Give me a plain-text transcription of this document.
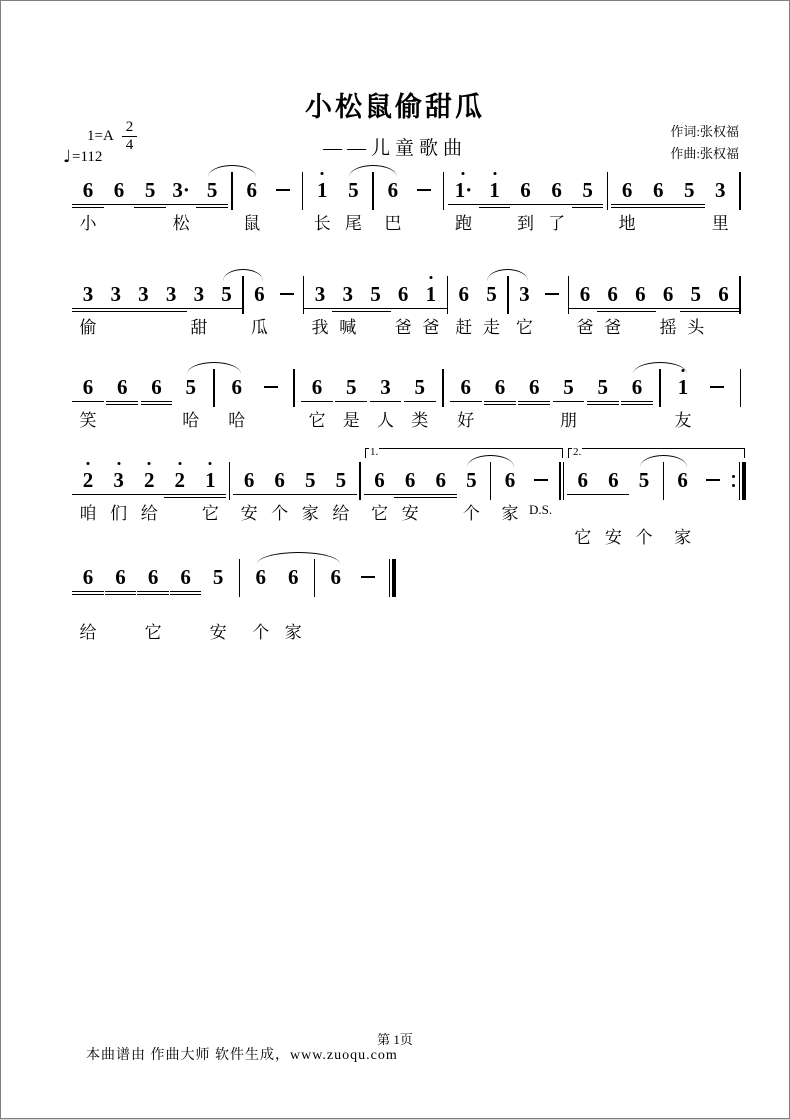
小松鼠偷甜瓜
——儿童歌曲
$1=A \frac{2}{4}$
♩ =112
作词:张权福
作曲:张权福
6
小
6 5 3·
松
5 6
鼠
1
长
5
尾
6
巴
1·
跑
1 6
到
6
了
5 6
地
6 5 3
里
3
偷
3 3 3 3
甜
5 6
瓜
3
我
3
喊
5 6
爸
1
爸
6
赶
5
走
3
它
6
爸
6
爸
6 6
摇
5
头
6
6
笑
6 6 5
哈
6
哈
6
它
5
是
3
人
5
类
6
好
6 6 5
朋
5 6 1
友
2
咱
3
们
2
给
2 1
它
6
安
6
个
5
家
5
给
6
它
6
安
6 5
个
6
家 D.S.
6
它
6
安
5
个
6
家
1.	2.
6
给
6 6
它
6 5
安
6
个
6
家
6
第 1页
本曲谱由 作曲大师 软件生成，www.zuoqu.com
